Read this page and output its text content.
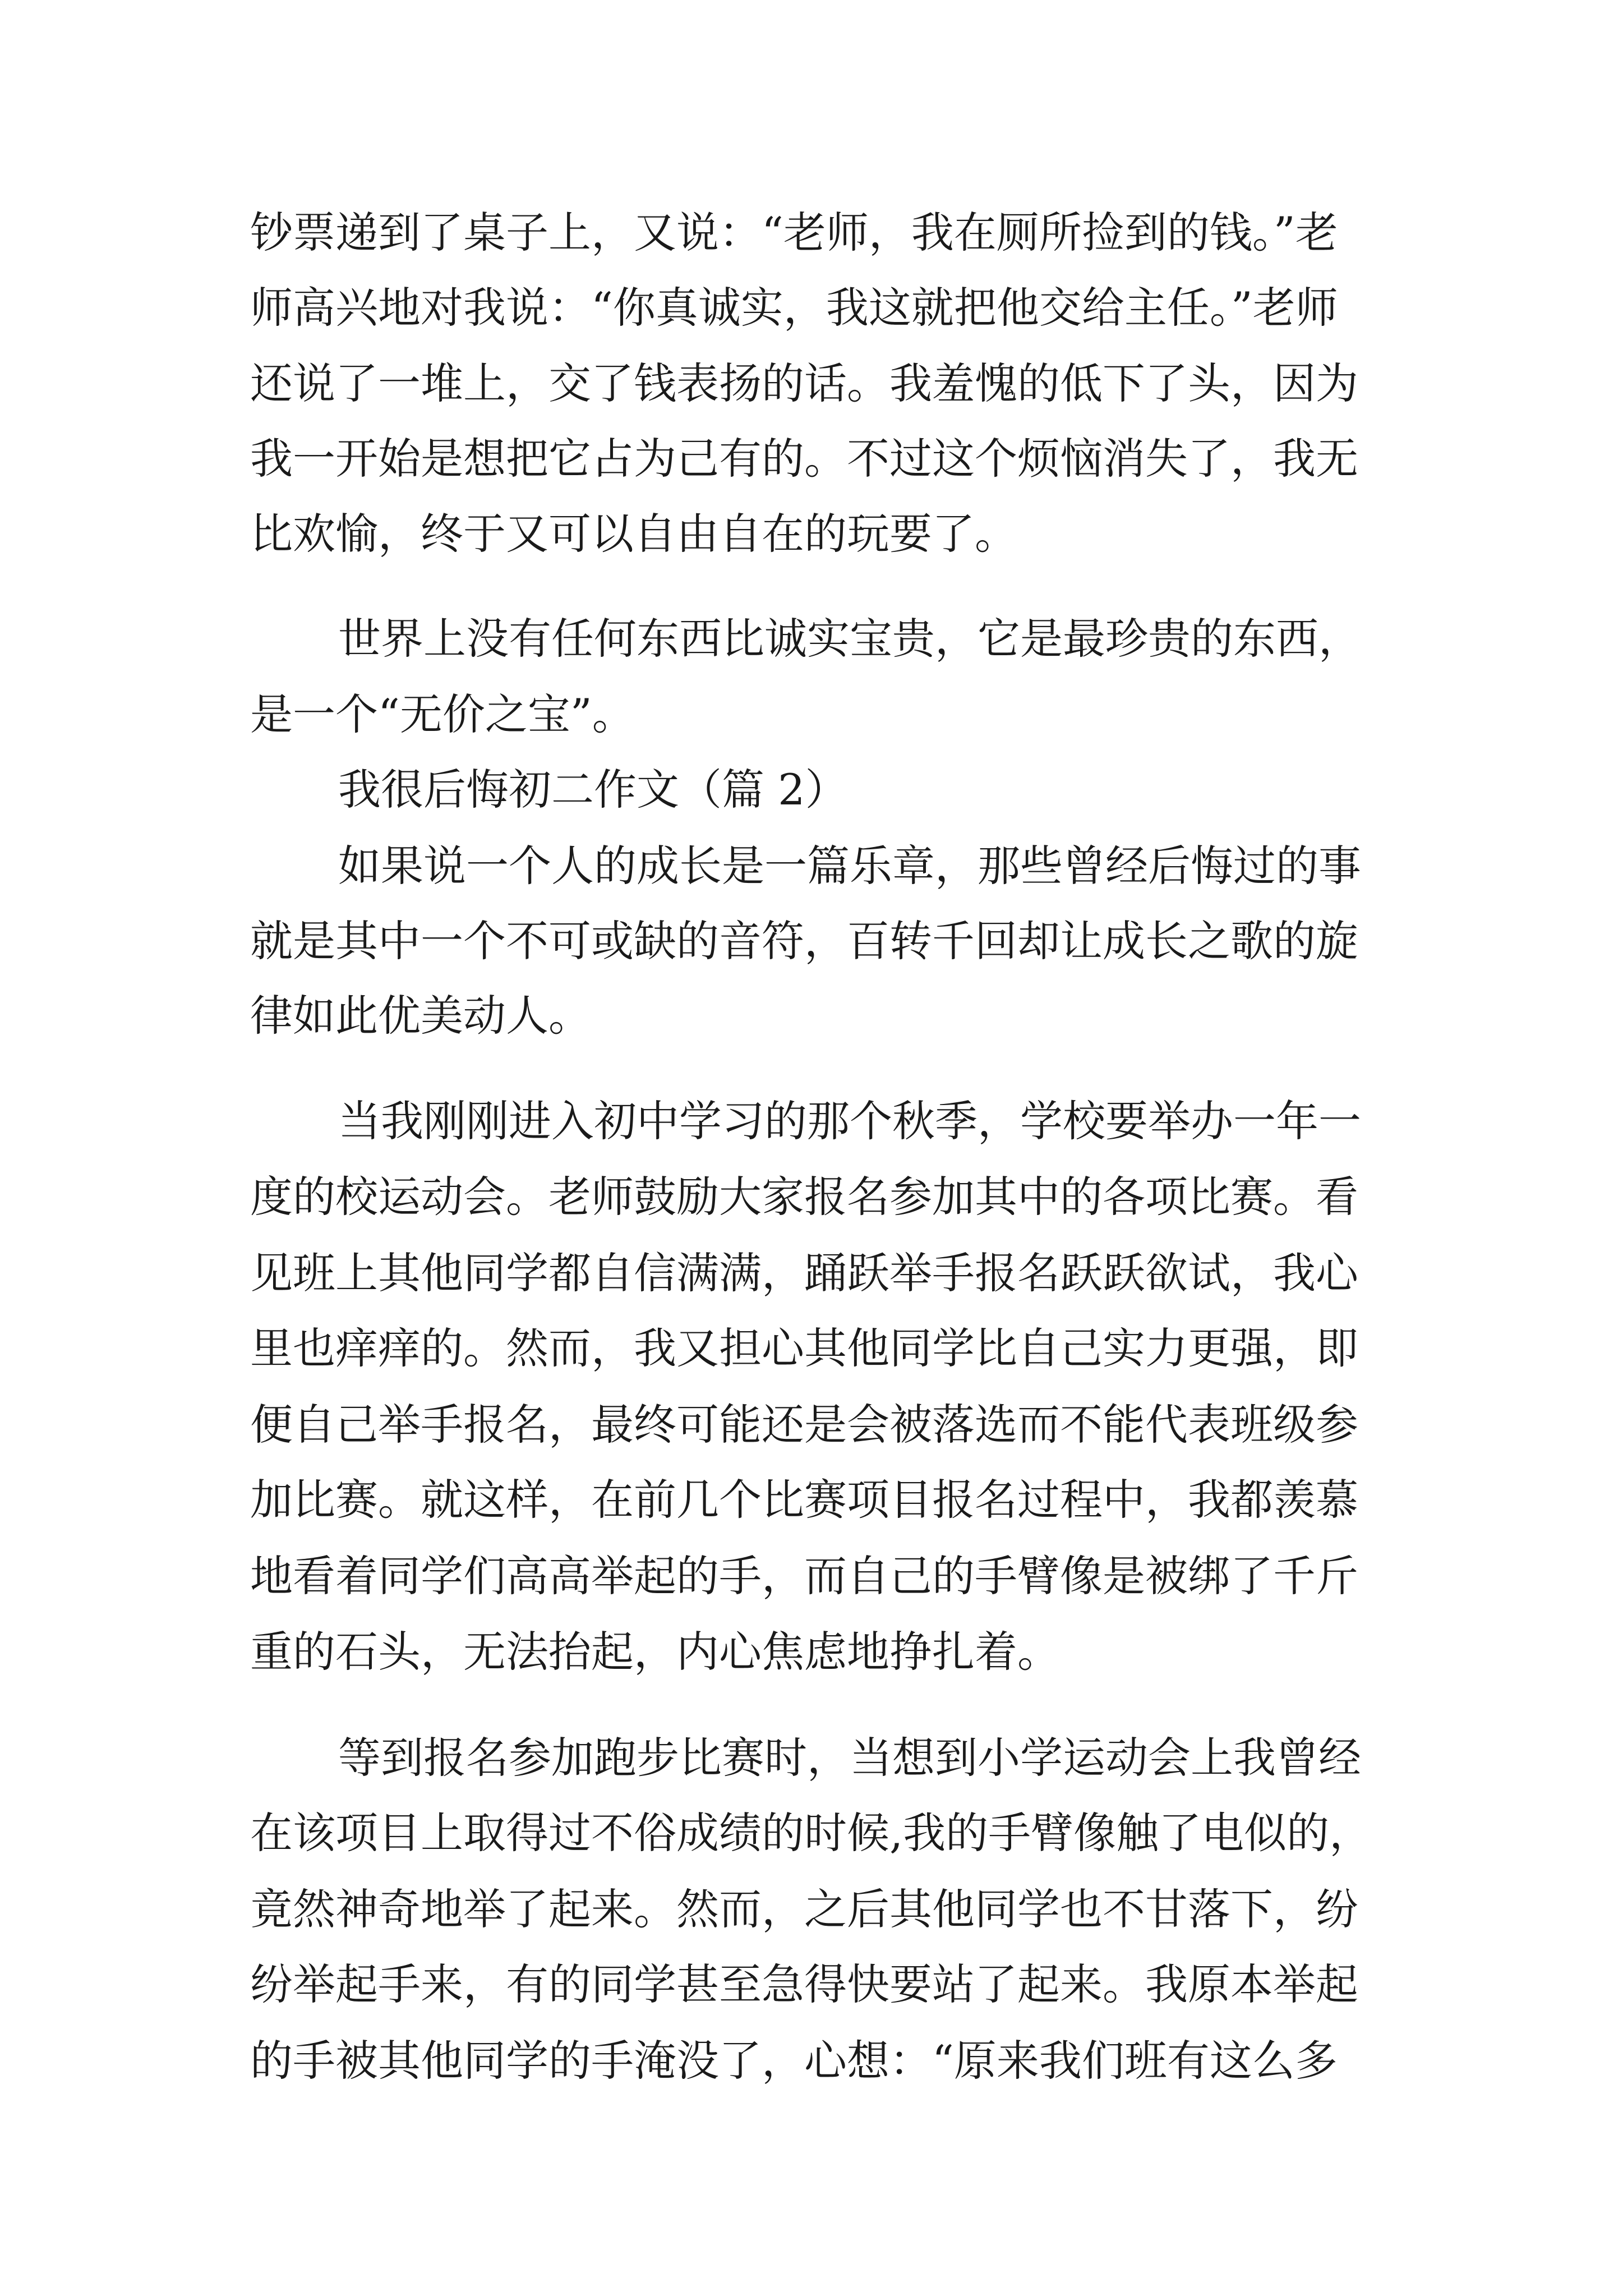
钞票递到了桌子上，又说：“老师，我在厕所捡到的钱。”老

师高兴地对我说：“你真诚实，我这就把他交给主任。”老师

还说了一堆上，交了钱表扬的话。我羞愧的低下了头，因为

我一开始是想把它占为己有的。不过这个烦恼消失了，我无

比欢愉，终于又可以自由自在的玩要了。

世界上没有任何东西比诚实宝贵，它是最珍贵的东西，

是一个“无价之宝”。

我很后悔初二作文（篇 2）

如果说一个人的成长是一篇乐章，那些曾经后悔过的事

就是其中一个不可或缺的音符，百转千回却让成长之歌的旋

律如此优美动人。

当我刚刚进入初中学习的那个秋季，学校要举办一年一

度的校运动会。老师鼓励大家报名参加其中的各项比赛。看

见班上其他同学都自信满满，踊跃举手报名跃跃欲试，我心

里也痒痒的。然而，我又担心其他同学比自己实力更强，即

便自己举手报名，最终可能还是会被落选而不能代表班级参

加比赛。就这样，在前几个比赛项目报名过程中，我都羡慕

地看着同学们高高举起的手，而自己的手臂像是被绑了千斤

重的石头，无法抬起，内心焦虑地挣扎着。

等到报名参加跑步比赛时，当想到小学运动会上我曾经

在该项目上取得过不俗成绩的时候,我的手臂像触了电似的，

竟然神奇地举了起来。然而，之后其他同学也不甘落下，纷

纷举起手来，有的同学甚至急得快要站了起来。我原本举起

的手被其他同学的手淹没了，心想：“原来我们班有这么多
